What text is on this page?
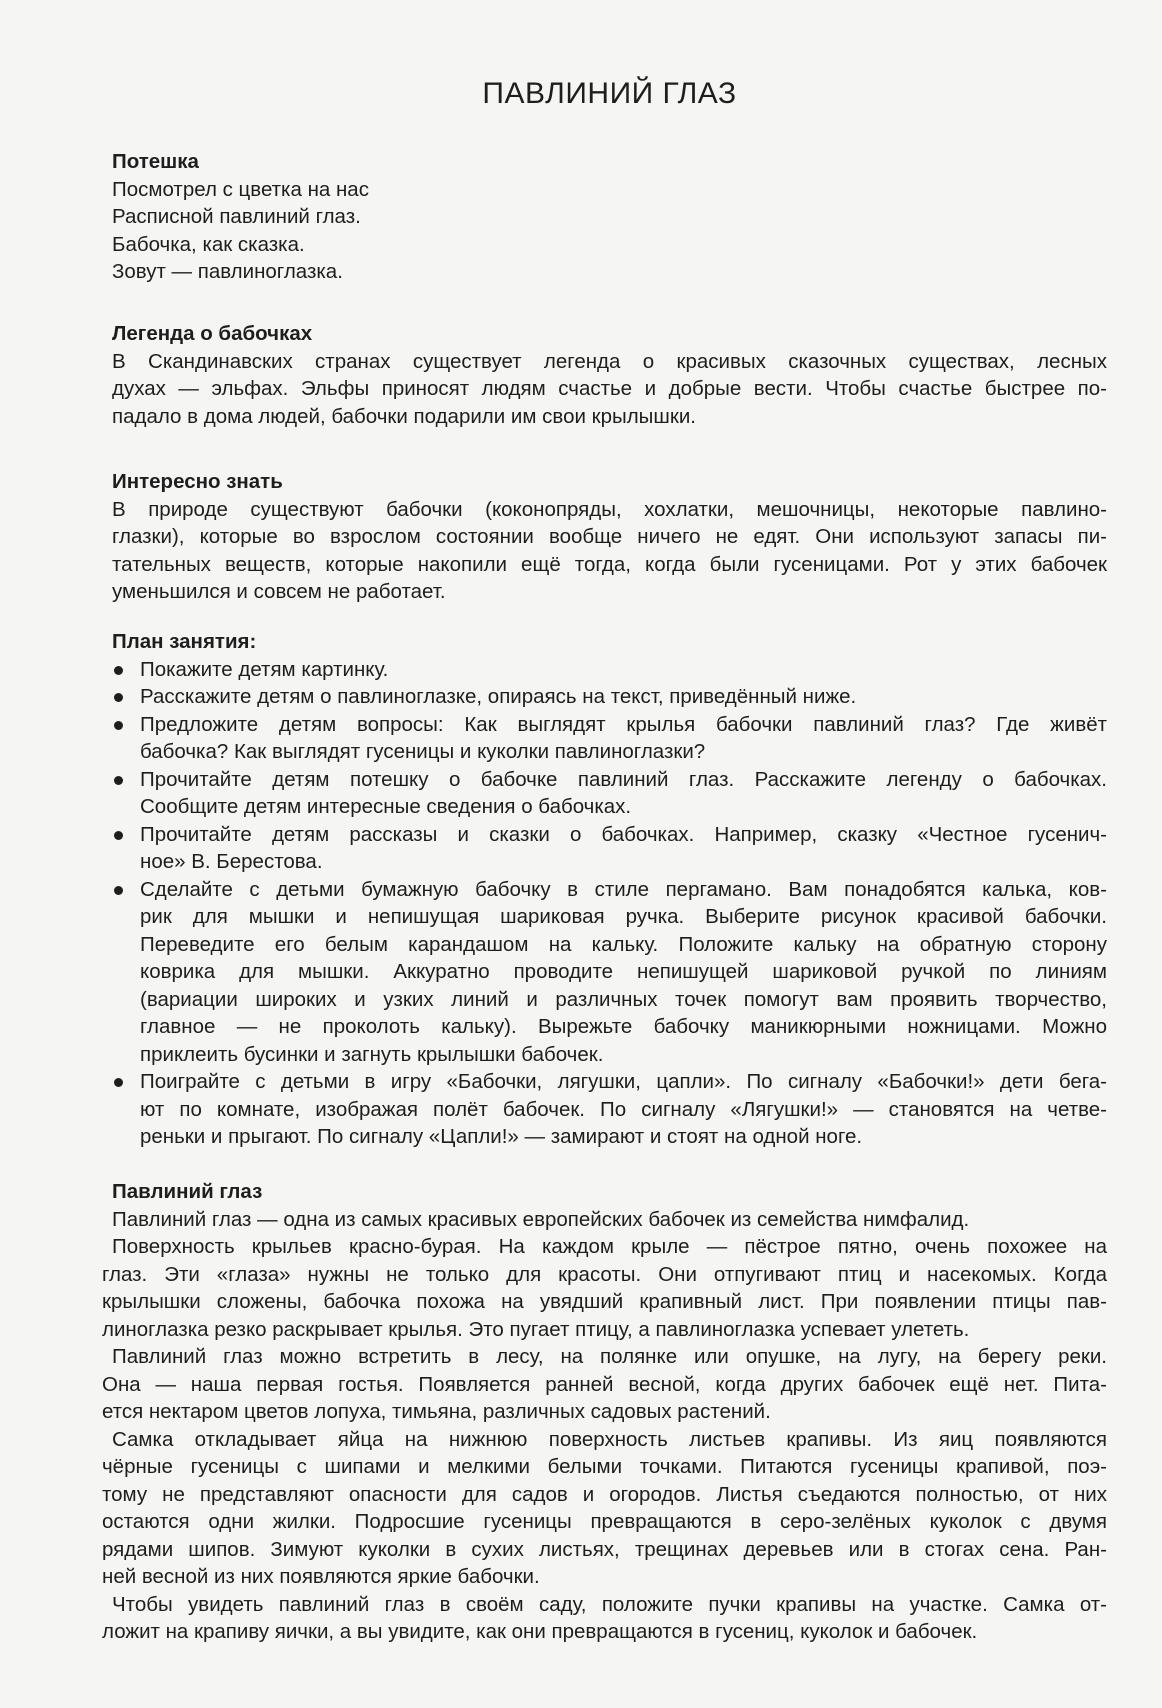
ПАВЛИНИЙ ГЛАЗ
Потешка
Посмотрел с цветка на нас
Расписной павлиний глаз.
Бабочка, как сказка.
Зовут — павлиноглазка.
Легенда о бабочках
В Скандинавских странах существует легенда о красивых сказочных существах, лесных
духах — эльфах. Эльфы приносят людям счастье и добрые вести. Чтобы счастье быстрее по-
падало в дома людей, бабочки подарили им свои крылышки.
Интересно знать
В природе существуют бабочки (коконопряды, хохлатки, мешочницы, некоторые павлино-
глазки), которые во взрослом состоянии вообще ничего не едят. Они используют запасы пи-
тательных веществ, которые накопили ещё тогда, когда были гусеницами. Рот у этих бабочек
уменьшился и совсем не работает.
План занятия:
Покажите детям картинку.
Расскажите детям о павлиноглазке, опираясь на текст, приведённый ниже.
Предложите детям вопросы: Как выглядят крылья бабочки павлиний глаз? Где живёт
бабочка? Как выглядят гусеницы и куколки павлиноглазки?
Прочитайте детям потешку о бабочке павлиний глаз. Расскажите легенду о бабочках.
Сообщите детям интересные сведения о бабочках.
Прочитайте детям рассказы и сказки о бабочках. Например, сказку «Честное гусенич-
ное» В. Берестова.
Сделайте с детьми бумажную бабочку в стиле пергамано. Вам понадобятся калька, ков-
рик для мышки и непишущая шариковая ручка. Выберите рисунок красивой бабочки.
Переведите его белым карандашом на кальку. Положите кальку на обратную сторону
коврика для мышки. Аккуратно проводите непишущей шариковой ручкой по линиям
(вариации широких и узких линий и различных точек помогут вам проявить творчество,
главное — не проколоть кальку). Вырежьте бабочку маникюрными ножницами. Можно
приклеить бусинки и загнуть крылышки бабочек.
Поиграйте с детьми в игру «Бабочки, лягушки, цапли». По сигналу «Бабочки!» дети бега-
ют по комнате, изображая полёт бабочек. По сигналу «Лягушки!» — становятся на четве-
реньки и прыгают. По сигналу «Цапли!» — замирают и стоят на одной ноге.
Павлиний глаз
Павлиний глаз — одна из самых красивых европейских бабочек из семейства нимфалид.
Поверхность крыльев красно-бурая. На каждом крыле — пёстрое пятно, очень похожее на
глаз. Эти «глаза» нужны не только для красоты. Они отпугивают птиц и насекомых. Когда
крылышки сложены, бабочка похожа на увядший крапивный лист. При появлении птицы пав-
линоглазка резко раскрывает крылья. Это пугает птицу, а павлиноглазка успевает улететь.
Павлиний глаз можно встретить в лесу, на полянке или опушке, на лугу, на берегу реки.
Она — наша первая гостья. Появляется ранней весной, когда других бабочек ещё нет. Пита-
ется нектаром цветов лопуха, тимьяна, различных садовых растений.
Самка откладывает яйца на нижнюю поверхность листьев крапивы. Из яиц появляются
чёрные гусеницы с шипами и мелкими белыми точками. Питаются гусеницы крапивой, поэ-
тому не представляют опасности для садов и огородов. Листья съедаются полностью, от них
остаются одни жилки. Подросшие гусеницы превращаются в серо-зелёных куколок с двумя
рядами шипов. Зимуют куколки в сухих листьях, трещинах деревьев или в стогах сена. Ран-
ней весной из них появляются яркие бабочки.
Чтобы увидеть павлиний глаз в своём саду, положите пучки крапивы на участке. Самка от-
ложит на крапиву яички, а вы увидите, как они превращаются в гусениц, куколок и бабочек.
